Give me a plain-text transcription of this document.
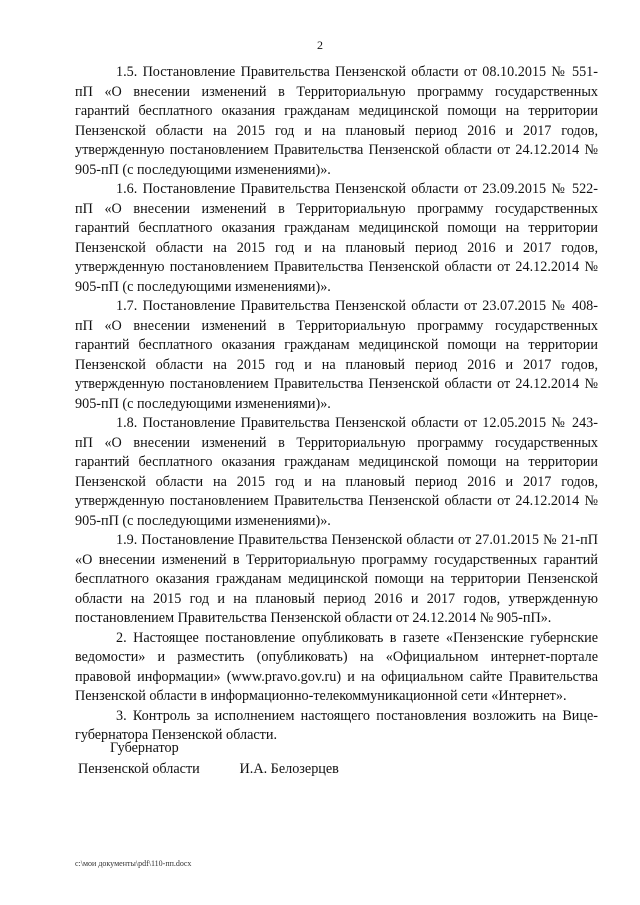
2

1.5. Постановление Правительства Пензенской области от 08.10.2015 № 551-пП «О внесении изменений в Территориальную программу государственных гарантий бесплатного оказания гражданам медицинской помощи на территории Пензенской области на 2015 год и на плановый период 2016 и 2017 годов, утвержденную постановлением Правительства Пензенской области от 24.12.2014 № 905-пП (с последующими изменениями)».

1.6. Постановление Правительства Пензенской области от 23.09.2015 № 522-пП «О внесении изменений в Территориальную программу государственных гарантий бесплатного оказания гражданам медицинской помощи на территории Пензенской области на 2015 год и на плановый период 2016 и 2017 годов, утвержденную постановлением Правительства Пензенской области от 24.12.2014 № 905-пП (с последующими изменениями)».

1.7. Постановление Правительства Пензенской области от 23.07.2015 № 408-пП «О внесении изменений в Территориальную программу государственных гарантий бесплатного оказания гражданам медицинской помощи на территории Пензенской области на 2015 год и на плановый период 2016 и 2017 годов, утвержденную постановлением Правительства Пензенской области от 24.12.2014 № 905-пП (с последующими изменениями)».

1.8. Постановление Правительства Пензенской области от 12.05.2015 № 243-пП «О внесении изменений в Территориальную программу государственных гарантий бесплатного оказания гражданам медицинской помощи на территории Пензенской области на 2015 год и на плановый период 2016 и 2017 годов, утвержденную постановлением Правительства Пензенской области от 24.12.2014 № 905-пП (с последующими изменениями)».

1.9. Постановление Правительства Пензенской области от 27.01.2015 № 21-пП «О внесении изменений в Территориальную программу государственных гарантий бесплатного оказания гражданам медицинской помощи на территории Пензенской области на 2015 год и на плановый период 2016 и 2017 годов, утвержденную постановлением Правительства Пензенской области от 24.12.2014 № 905-пП».

2. Настоящее постановление опубликовать в газете «Пензенские губернские ведомости» и разместить (опубликовать) на «Официальном интернет-портале правовой информации» (www.pravo.gov.ru) и на официальном сайте Правительства Пензенской области в информационно-телекоммуникационной сети «Интернет».

3. Контроль за исполнением настоящего постановления возложить на Вице-губернатора Пензенской области.

Губернатор
Пензенской области	И.А. Белозерцев
c:\мои документы\pdf\110-пп.docx
